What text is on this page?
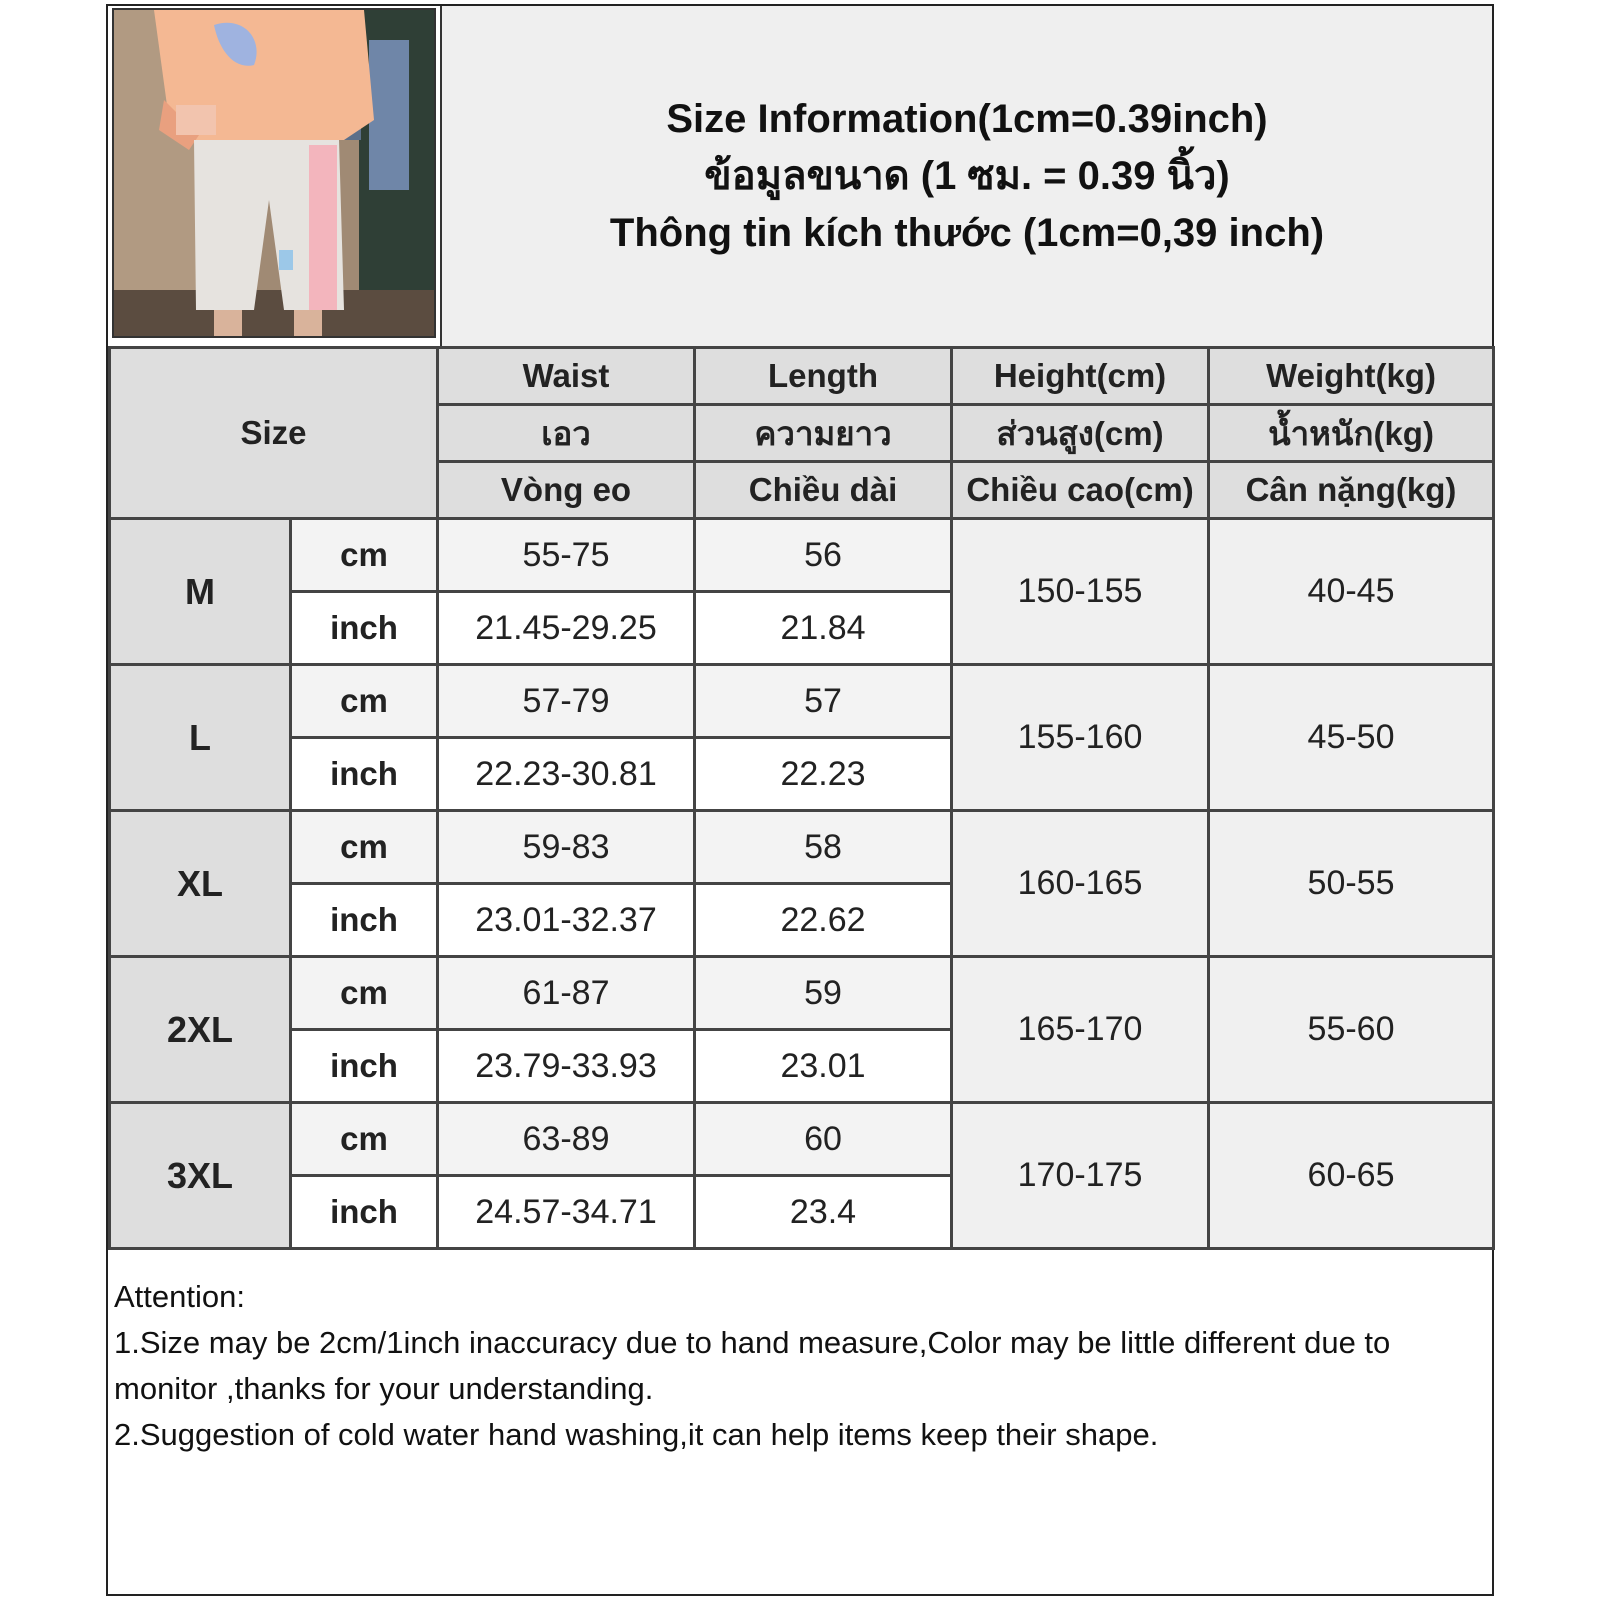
Size Information(1cm=0.39inch)
ข้อมูลขนาด (1 ซม. = 0.39 นิ้ว)
Thông tin kích thước (1cm=0,39 inch)
Size		Waist	Length	Height(cm)	Weight(kg)
		เอว	ความยาว	ส่วนสูง(cm)	น้ำหนัก(kg)
		Vòng eo	Chiều dài	Chiều cao(cm)	Cân nặng(kg)
M	cm	55-75	56	150-155	40-45
	inch	21.45-29.25	21.84		
L	cm	57-79	57	155-160	45-50
	inch	22.23-30.81	22.23		
XL	cm	59-83	58	160-165	50-55
	inch	23.01-32.37	22.62		
2XL	cm	61-87	59	165-170	55-60
	inch	23.79-33.93	23.01		
3XL	cm	63-89	60	170-175	60-65
	inch	24.57-34.71	23.4		

Attention:

1.Size may be 2cm/1inch inaccuracy due to hand measure,Color may be little different due to monitor ,thanks for your understanding.

2.Suggestion of cold water hand washing,it can help items keep their shape.
